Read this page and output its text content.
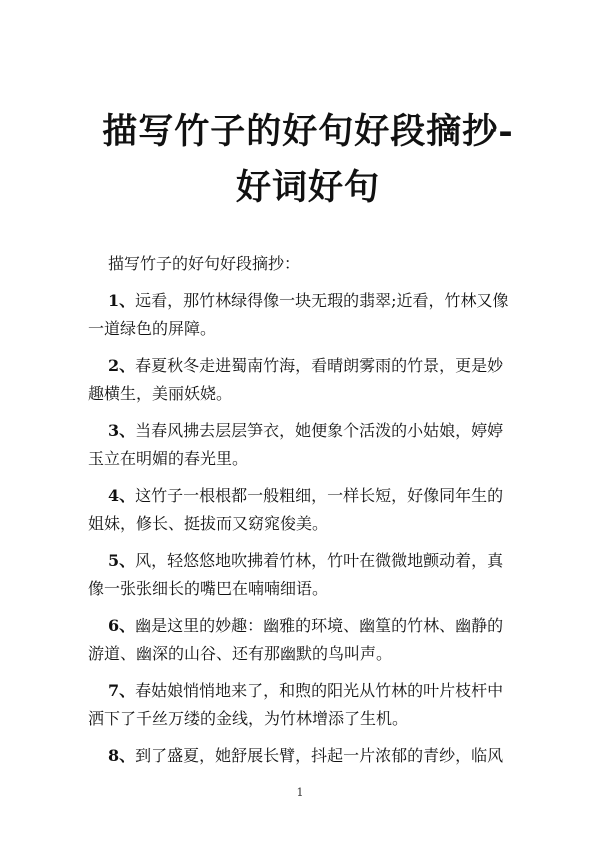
描写竹子的好句好段摘抄-
好词好句

描写竹子的好句好段摘抄：

1、远看，那竹林绿得像一块无瑕的翡翠;近看，竹林又像
一道绿色的屏障。

2、春夏秋冬走进蜀南竹海，看晴朗雾雨的竹景，更是妙
趣横生，美丽妖娆。

3、当春风拂去层层笋衣，她便象个活泼的小姑娘，婷婷
玉立在明媚的春光里。

4、这竹子一根根都一般粗细，一样长短，好像同年生的
姐妹，修长、挺拔而又窈窕俊美。

5、风，轻悠悠地吹拂着竹林，竹叶在微微地颤动着，真
像一张张细长的嘴巴在喃喃细语。

6、幽是这里的妙趣：幽雅的环境、幽篁的竹林、幽静的
游道、幽深的山谷、还有那幽默的鸟叫声。

7、春姑娘悄悄地来了，和煦的阳光从竹林的叶片枝杆中
洒下了千丝万缕的金线，为竹林增添了生机。

8、到了盛夏，她舒展长臂，抖起一片浓郁的青纱，临风

1
